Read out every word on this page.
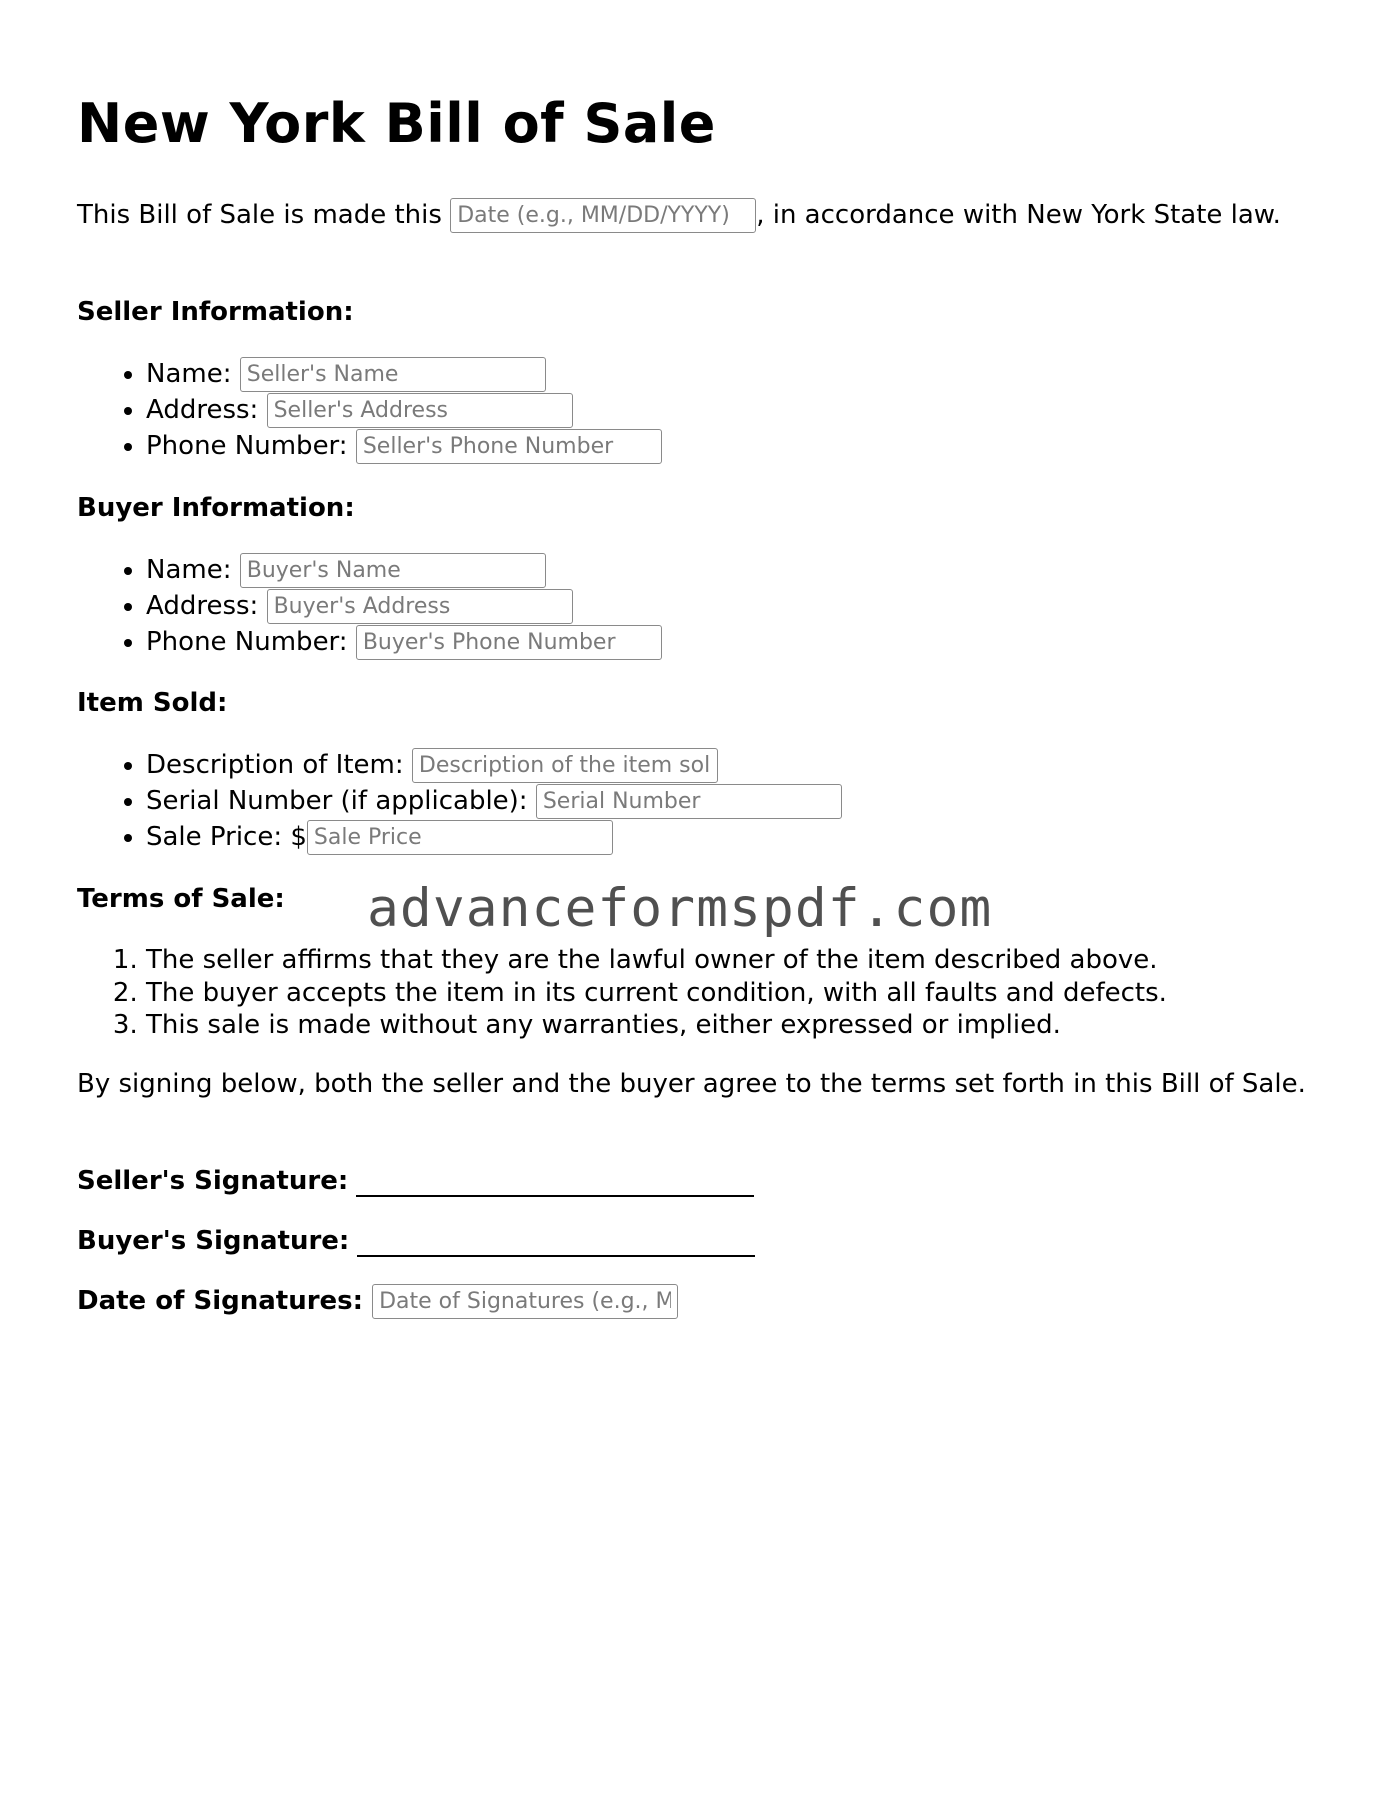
New York Bill of Sale
This Bill of Sale is made this Date (e.g., MM/DD/YYYY)	, in accordance with New York State law.
Seller Information:
• Name: Seller's Name
• Address: Seller's Address
• Phone Number: Seller's Phone Number
Buyer Information:
• Name: Buyer's Name
• Address: Buyer's Address
• Phone Number: Buyer's Phone Number
Item Sold:
• Description of Item: Description of the item sold
• Serial Number (if applicable): Serial Number
• Sale Price: $Sale Price
Terms of Sale:
1. The seller affirms that they are the lawful owner of the item described above.
2. The buyer accepts the item in its current condition, with all faults and defects.
3. This sale is made without any warranties, either expressed or implied.
By signing below, both the seller and the buyer agree to the terms set forth in this Bill of Sale.
Seller's Signature:
Buyer's Signature:
Date of Signatures: Date of Signatures (e.g., MM/DD/YYYY)
advanceformspdf.com
